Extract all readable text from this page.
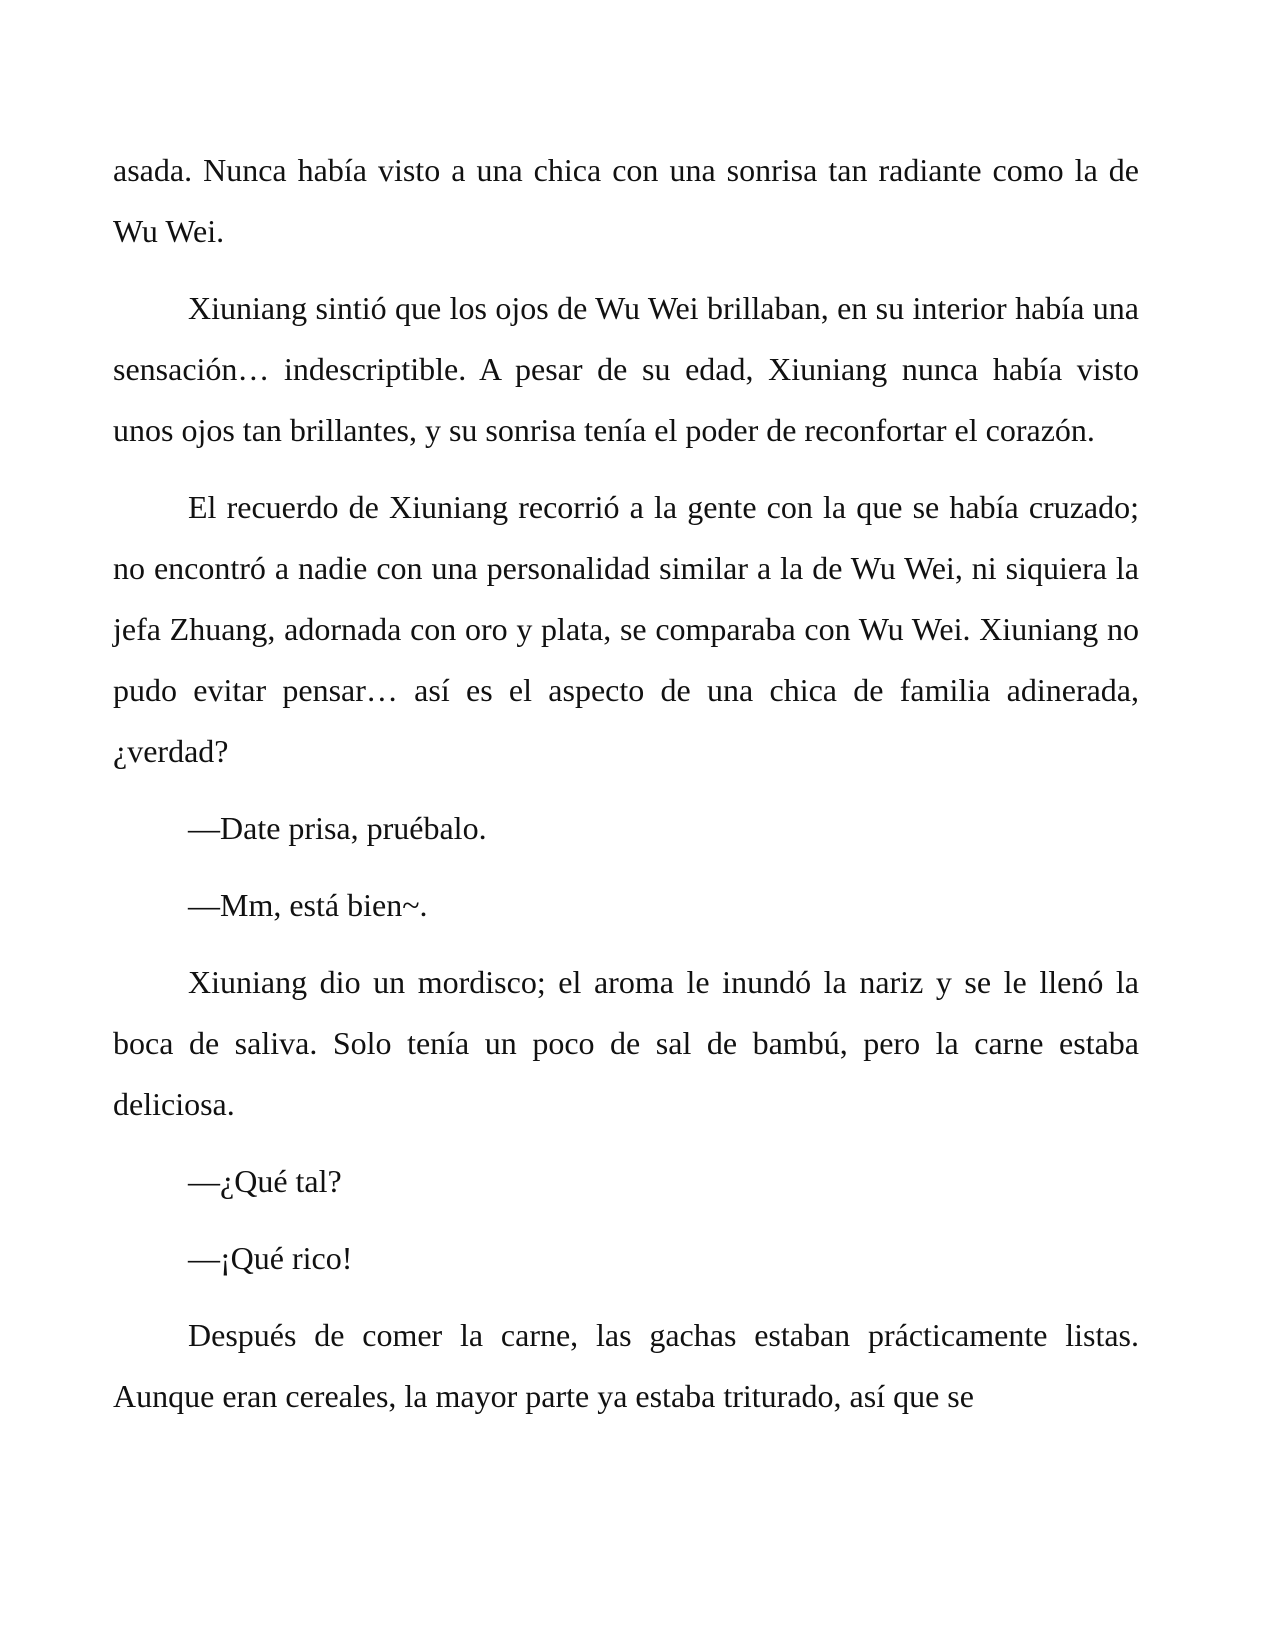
asada. Nunca había visto a una chica con una sonrisa tan radiante como la de Wu Wei.

Xiuniang sintió que los ojos de Wu Wei brillaban, en su interior había una sensación… indescriptible. A pesar de su edad, Xiuniang nunca había visto unos ojos tan brillantes, y su sonrisa tenía el poder de reconfortar el corazón.

El recuerdo de Xiuniang recorrió a la gente con la que se había cruzado; no encontró a nadie con una personalidad similar a la de Wu Wei, ni siquiera la jefa Zhuang, adornada con oro y plata, se comparaba con Wu Wei. Xiuniang no pudo evitar pensar… así es el aspecto de una chica de familia adinerada, ¿verdad?

—Date prisa, pruébalo.

—Mm, está bien~.

Xiuniang dio un mordisco; el aroma le inundó la nariz y se le llenó la boca de saliva. Solo tenía un poco de sal de bambú, pero la carne estaba deliciosa.

—¿Qué tal?

—¡Qué rico!

Después de comer la carne, las gachas estaban prácticamente listas. Aunque eran cereales, la mayor parte ya estaba triturado, así que se
